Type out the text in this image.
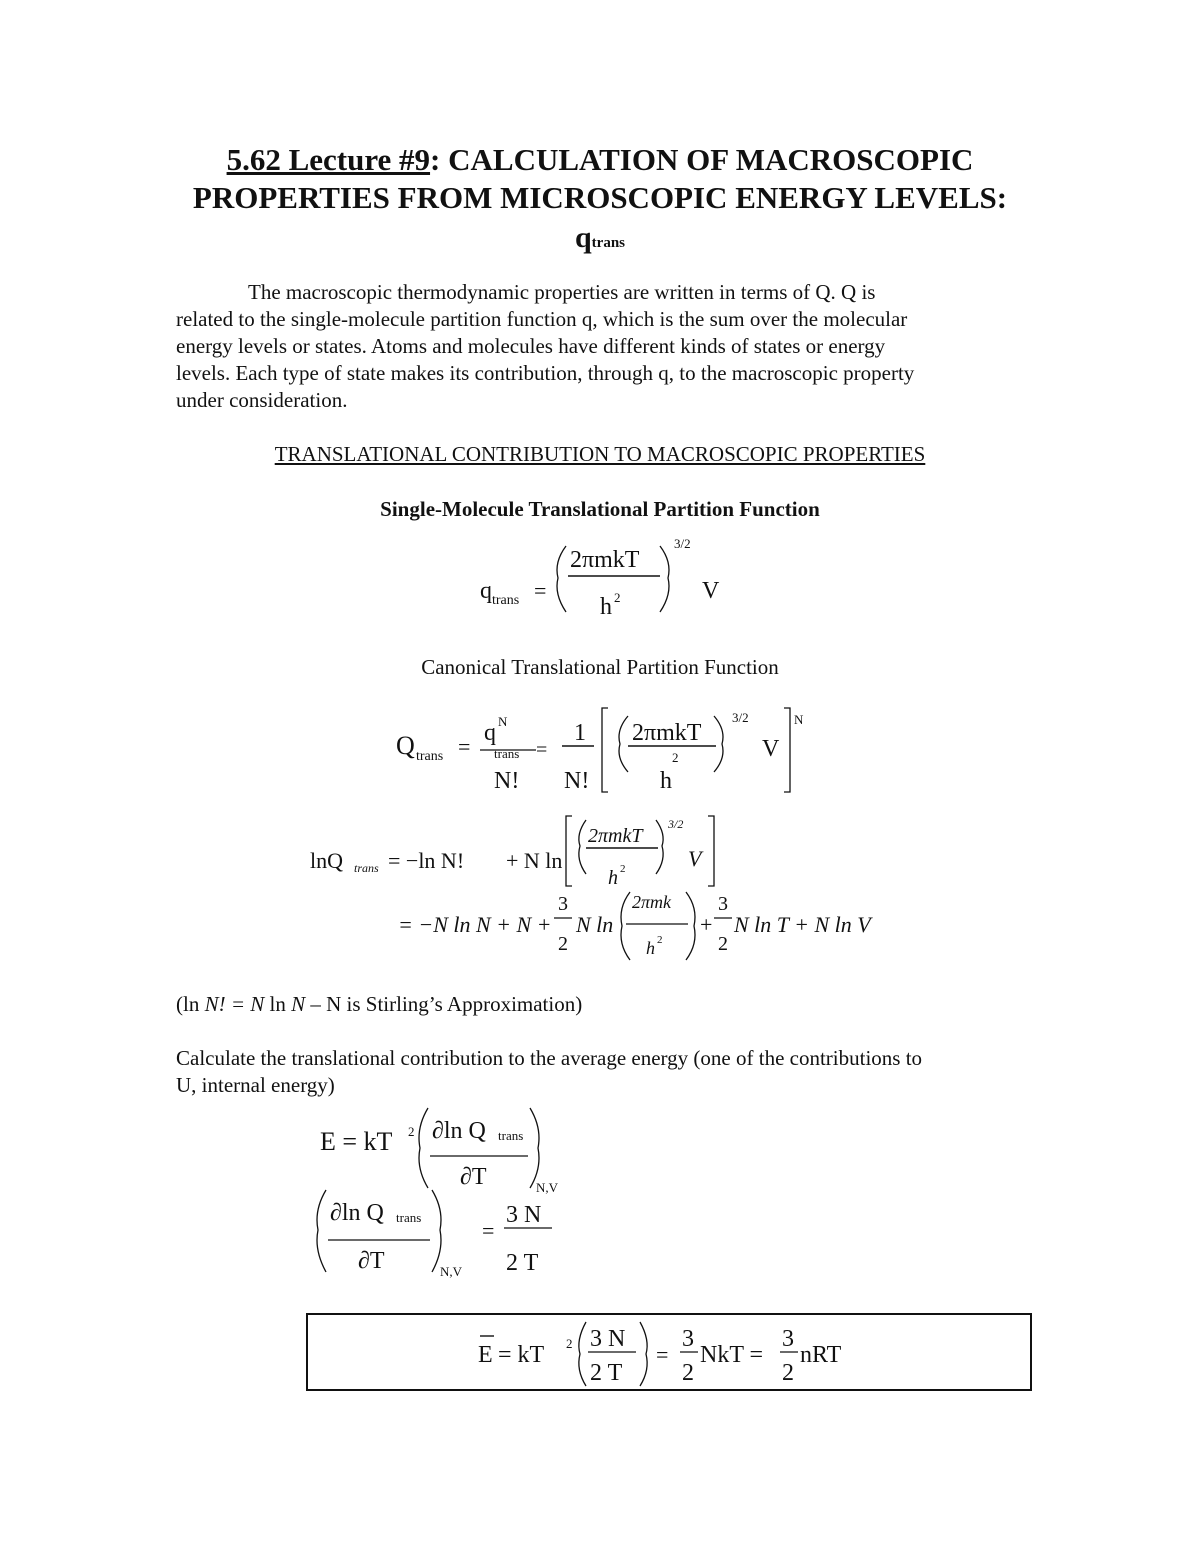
5.62 Lecture #9: CALCULATION OF MACROSCOPIC
PROPERTIES FROM MICROSCOPIC ENERGY LEVELS:
qtrans
The macroscopic thermodynamic properties are written in terms of Q. Q is
related to the single-molecule partition function q, which is the sum over the molecular
energy levels or states. Atoms and molecules have different kinds of states or energy
levels. Each type of state makes its contribution, through q, to the macroscopic property
under consideration.
TRANSLATIONAL CONTRIBUTION TO MACROSCOPIC PROPERTIES
Single-Molecule Translational Partition Function
q trans =
2πmkT
h 2
3/2
V
Canonical Translational Partition Function
Q trans =
q N
trans
N!
=
1
N!
2πmkT
2
h
3/2
V
N
lnQ trans = −ln N! + N ln
2πmkT
h 2
3/2
V
= −N ln N + N +
3
2
N ln
2πmk
h 2
+
3
2
N ln T + N ln V
(ln N! = N ln N – N is Stirling’s Approximation)
Calculate the translational contribution to the average energy (one of the contributions to
U, internal energy)
E = kT 2 ∂ln Q trans
∂T	N,V
∂ln Q trans
∂T	N,V
=
3 N
2 T
E = kT 2 3 N
2 T
=
3
2
NkT =
3
2
nRT
